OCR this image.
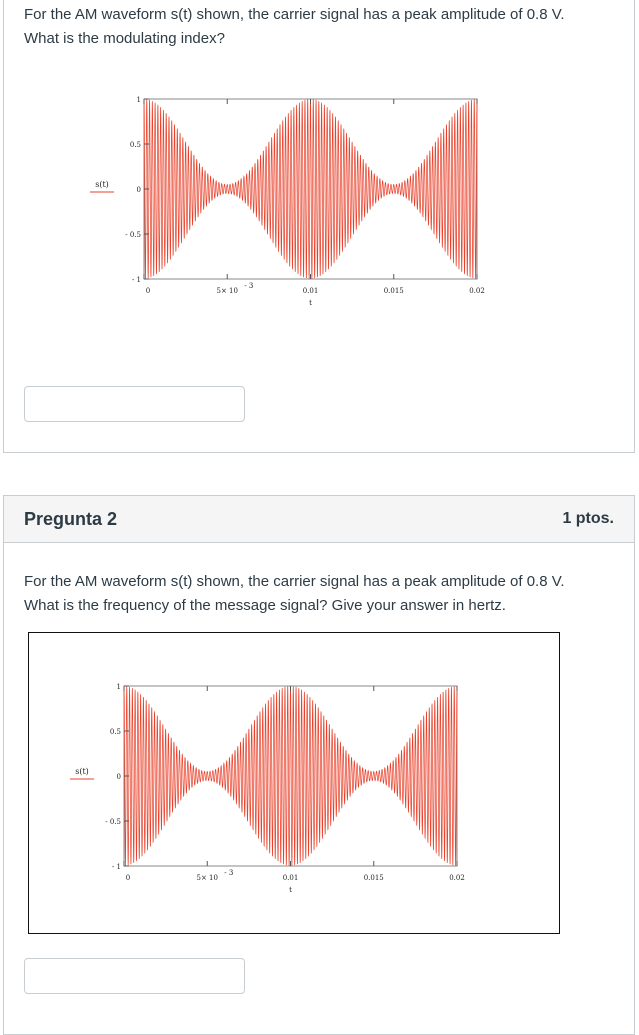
For the AM waveform s(t) shown, the carrier signal has a peak amplitude of 0.8 V.
What is the modulating index?
1
0.5
0
- 0.5
- 1
0	5× 10
- 3
0.01	0.015	0.02
t
s(t)
Pregunta 2	1 ptos.
For the AM waveform s(t) shown, the carrier signal has a peak amplitude of 0.8 V.
What is the frequency of the message signal? Give your answer in hertz.
1
0.5
0
- 0.5
- 1
0	5× 10
- 3
0.01	0.015	0.02
t
s(t)
